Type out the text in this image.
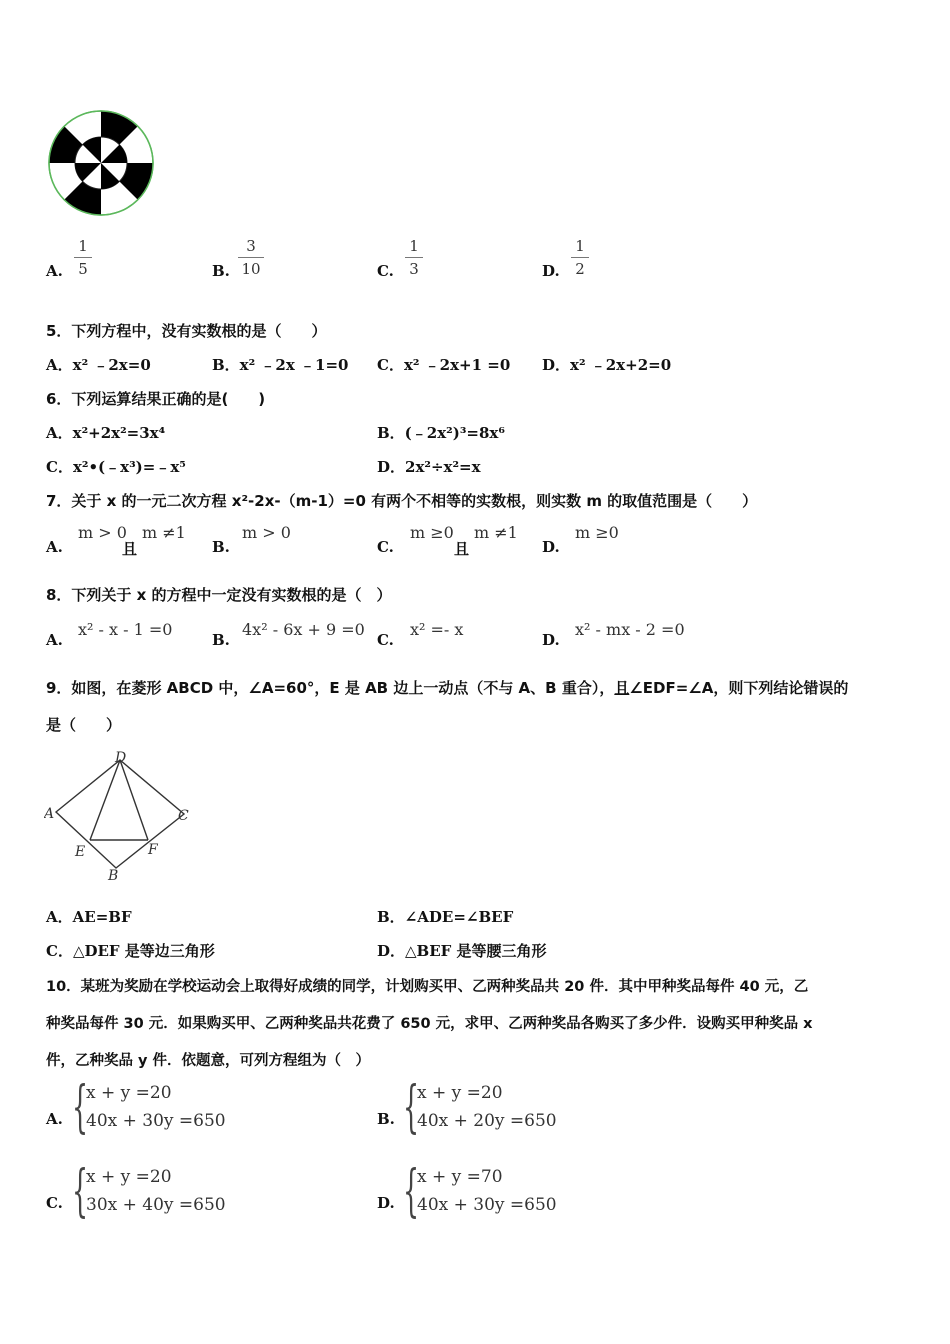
A. $\frac{1}{5}$	B. $\frac{3}{10}$	C. $\frac{1}{3}$	D. $\frac{1}{2}$
5．下列方程中，没有实数根的是（　　）
A．x² ﹣2x=0	B．x² ﹣2x ﹣1=0 C．x² ﹣2x+1 =0 D．x² ﹣2x+2=0
6．下列运算结果正确的是(　　)
A．x²+2x²=3x⁴	B．(﹣2x²)³=8x⁶
C．x²•(﹣x³)=﹣x⁵	D．2x²÷x²=x
7．关于 x 的一元二次方程 x²-2x-（m-1）=0 有两个不相等的实数根，则实数 m 的取值范围是（　　）
A.
m > 0
且
m ≠1
B.
m > 0
C.
m ≥0
且
m ≠1
D.
m ≥0
8．下列关于 x 的方程中一定没有实数根的是（　）
A.
x² - x - 1 =0
B.
4x² - 6x + 9 =0
C.
x² =- x
D.
x² - mx - 2 =0
9．如图，在菱形 ABCD 中，∠A=60°，E 是 AB 边上一动点（不与 A、B 重合），且∠EDF=∠A，则下列结论错误的
是（　　）
D
A	C
E	F
B
A．AE=BF	B．∠ADE=∠BEF
C．△DEF 是等边三角形	D．△BEF 是等腰三角形
10．某班为奖励在学校运动会上取得好成绩的同学，计划购买甲、乙两种奖品共 20 件．其中甲种奖品每件 40 元，乙
种奖品每件 30 元．如果购买甲、乙两种奖品共花费了 650 元，求甲、乙两种奖品各购买了多少件．设购买甲种奖品 x
件，乙种奖品 y 件．依题意，可列方程组为（　）
A. {
x + y =20
40x + 30y =650	B. {
x + y =20
40x + 20y =650
C. {
x + y =20
30x + 40y =650	D. {
x + y =70
40x + 30y =650
